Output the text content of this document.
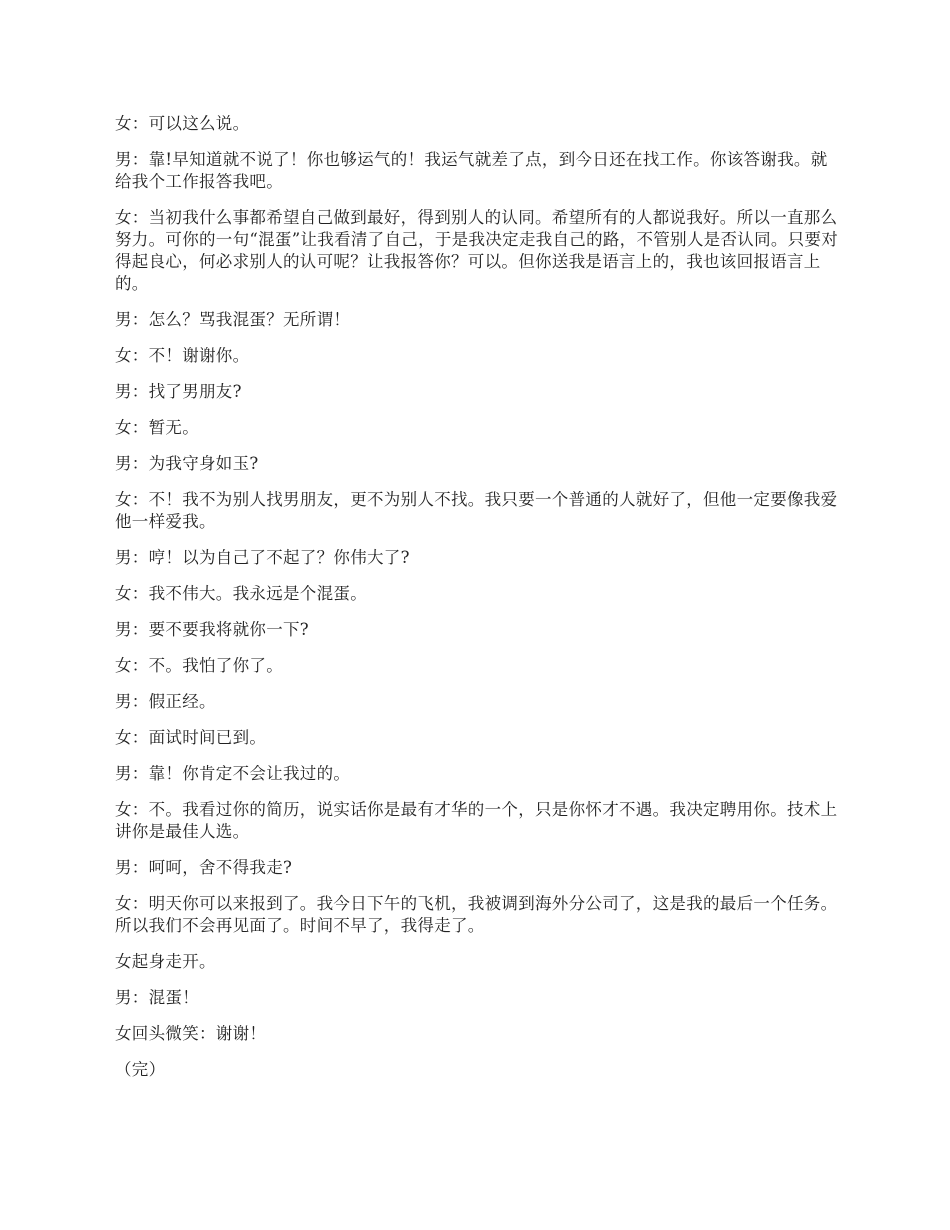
女：可以这么说。

男：靠!早知道就不说了！你也够运气的！我运气就差了点，到今日还在找工作。你该答谢我。就给我个工作报答我吧。

女：当初我什么事都希望自己做到最好，得到别人的认同。希望所有的人都说我好。所以一直那么努力。可你的一句“混蛋”让我看清了自己，于是我决定走我自己的路，不管别人是否认同。只要对得起良心，何必求别人的认可呢？让我报答你？可以。但你送我是语言上的，我也该回报语言上的。

男：怎么？骂我混蛋？无所谓！

女：不！谢谢你。

男：找了男朋友?

女：暂无。

男：为我守身如玉?

女：不！我不为别人找男朋友，更不为别人不找。我只要一个普通的人就好了，但他一定要像我爱他一样爱我。

男：哼！以为自己了不起了？你伟大了?

女：我不伟大。我永远是个混蛋。

男：要不要我将就你一下?

女：不。我怕了你了。

男：假正经。

女：面试时间已到。

男：靠！你肯定不会让我过的。

女：不。我看过你的简历，说实话你是最有才华的一个，只是你怀才不遇。我决定聘用你。技术上讲你是最佳人选。

男：呵呵，舍不得我走?

女：明天你可以来报到了。我今日下午的飞机，我被调到海外分公司了，这是我的最后一个任务。所以我们不会再见面了。时间不早了，我得走了。

女起身走开。

男：混蛋！

女回头微笑：谢谢！

（完）
